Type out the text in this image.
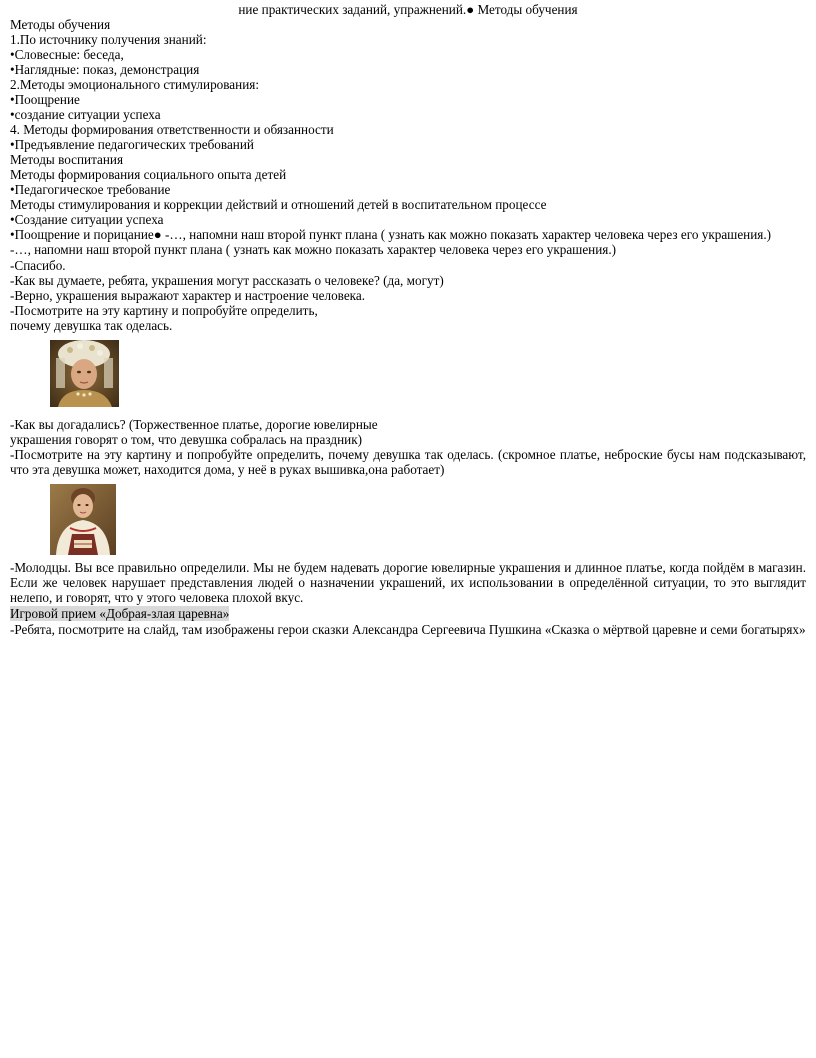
ние практических заданий, упражнений.● Методы обучения
Методы обучения
1.По источнику получения знаний:
•Словесные: беседа,
•Наглядные: показ, демонстрация
2.Методы эмоционального стимулирования:
•Поощрение
•создание ситуации успеха
4. Методы формирования ответственности и обязанности
•Предъявление педагогических требований
Методы воспитания
Методы формирования социального опыта детей
•Педагогическое требование
Методы стимулирования и коррекции действий и отношений детей в воспитательном процессе
•Создание ситуации успеха
•Поощрение и порицание● -…, напомни наш второй пункт плана ( узнать как можно показать характер человека через его украшения.)
-…, напомни наш второй пункт плана ( узнать как можно показать характер человека через его украшения.)
-Спасибо.
-Как вы думаете, ребята, украшения могут рассказать о человеке? (да, могут)
-Верно, украшения выражают характер и настроение человека.
-Посмотрите на эту картину и попробуйте определить,
почему девушка так оделась.
-Как вы догадались? (Торжественное платье, дорогие ювелирные
украшения говорят о том, что девушка собралась на праздник)
-Посмотрите на эту картину и попробуйте определить, почему девушка так оделась. (скромное платье, неброские бусы нам подсказывают, что эта девушка может, находится дома, у неё в руках вышивка,она работает)
-Молодцы. Вы все правильно определили. Мы не будем надевать дорогие ювелирные украшения и длинное платье, когда пойдём в магазин. Если же человек нарушает представления людей о назначении украшений, их использовании в определённой ситуации, то это выглядит нелепо, и говорят, что у этого человека плохой вкус.
Игровой прием «Добрая-злая царевна»
-Ребята, посмотрите на слайд, там изображены герои сказки Александра Сергеевича Пушкина «Сказка о мёртвой царевне и семи богатырях»
